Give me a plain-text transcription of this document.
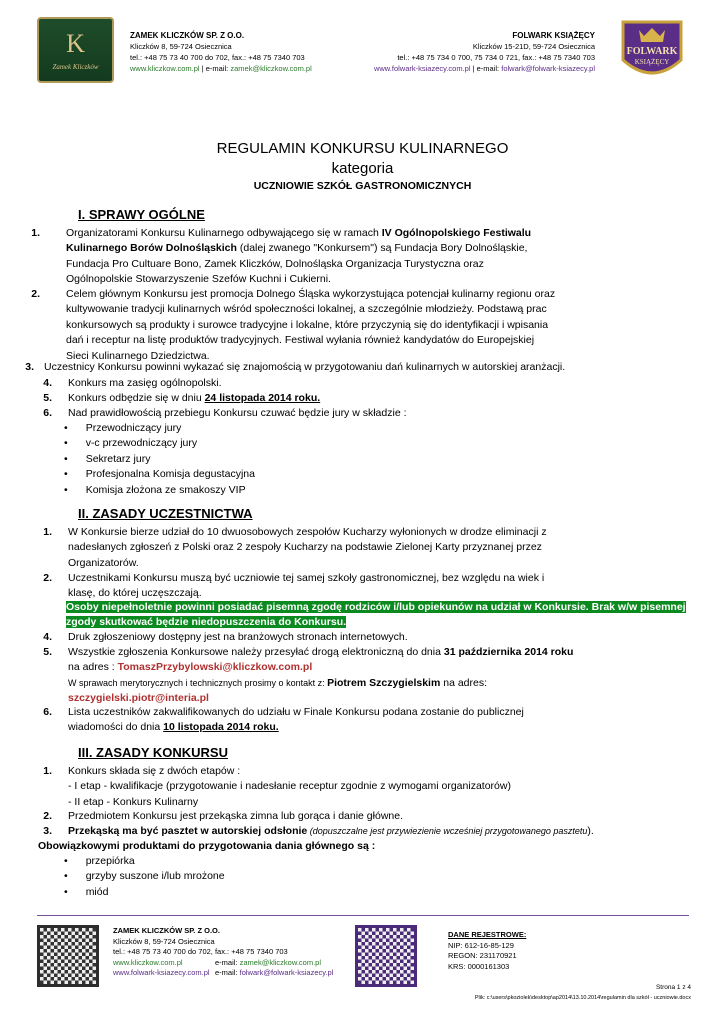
K
Zamek Kliczków
ZAMEK KLICZKÓW SP. Z O.O.
Kliczków 8, 59-724 Osiecznica
tel.: +48 75 73 40 700 do 702, fax.: +48 75 7340 703
www.kliczkow.com.pl | e-mail: zamek@kliczkow.com.pl
FOLWARK KSIĄŻĘCY
Kliczków 15-21D, 59-724 Osiecznica
tel.: +48 75 734 0 700, 75 734 0 721, fax.: +48 75 7340 703
www.folwark-ksiazecy.com.pl | e-mail: folwark@folwark-ksiazecy.pl
FOLWARK
KSIĄŻĘCY
REGULAMIN KONKURSU KULINARNEGO
kategoria
UCZNIOWIE SZKÓŁ GASTRONOMICZNYCH
I. SPRAWY OGÓLNE
1. Organizatorami Konkursu Kulinarnego odbywającego się w ramach IV Ogólnopolskiego Festiwalu
Kulinarnego Borów Dolnośląskich (dalej zwanego "Konkursem") są Fundacja Bory Dolnośląskie,
Fundacja Pro Cultuare Bono, Zamek Kliczków, Dolnośląska Organizacja Turystyczna oraz
Ogólnopolskie Stowarzyszenie Szefów Kuchni i Cukierni.
2. Celem głównym Konkursu jest promocja Dolnego Śląska wykorzystująca potencjał kulinarny regionu oraz
kultywowanie tradycji kulinarnych wśród społeczności lokalnej, a szczególnie młodzieży. Podstawą prac
konkursowych są produkty i surowce tradycyjne i lokalne, które przyczynią się do identyfikacji i wpisania
dań i receptur na listę produktów tradycyjnych. Festiwal wyłania również kandydatów do Europejskiej
Sieci Kulinarnego Dziedzictwa.
3. Uczestnicy Konkursu powinni wykazać się znajomością w przygotowaniu dań kulinarnych w autorskiej aranżacji.
4. Konkurs ma zasięg ogólnopolski.
5. Konkurs odbędzie się w dniu 24 listopada 2014 roku.
6. Nad prawidłowością przebiegu Konkursu czuwać będzie jury w składzie :
• Przewodniczący jury
• v-c przewodniczący jury
• Sekretarz jury
• Profesjonalna Komisja degustacyjna
• Komisja złożona ze smakoszy VIP
II. ZASADY UCZESTNICTWA
1. W Konkursie bierze udział do 10 dwuosobowych zespołów Kucharzy wyłonionych w drodze eliminacji z
nadesłanych zgłoszeń z Polski oraz 2 zespoły Kucharzy na podstawie Zielonej Karty przyznanej przez
Organizatorów.
2. Uczestnikami Konkursu muszą być uczniowie tej samej szkoły gastronomicznej, bez względu na wiek i
klasę, do której uczęszczają.
Osoby niepełnoletnie powinni posiadać pisemną zgodę rodziców i/lub opiekunów na udział w Konkursie. Brak w/w pisemnej
zgody skutkować będzie niedopuszczenia do Konkursu.
4. Druk zgłoszeniowy dostępny jest na branżowych stronach internetowych.
5. Wszystkie zgłoszenia Konkursowe należy przesyłać drogą elektroniczną do dnia 31 października 2014 roku
na adres : TomaszPrzybylowski@kliczkow.com.pl
W sprawach merytorycznych i technicznych prosimy o kontakt z: Piotrem Szczygielskim na adres:
szczygielski.piotr@interia.pl
6. Lista uczestników zakwalifikowanych do udziału w Finale Konkursu podana zostanie do publicznej
wiadomości do dnia 10 listopada 2014 roku.
III. ZASADY KONKURSU
1. Konkurs składa się z dwóch etapów :
- I etap - kwalifikacje (przygotowanie i nadesłanie receptur zgodnie z wymogami organizatorów)
- II etap - Konkurs Kulinarny
2. Przedmiotem Konkursu jest przekąska zimna lub gorąca i danie główne.
3. Przekąską ma być pasztet w autorskiej odsłonie (dopuszczalne jest przywiezienie wcześniej przygotowanego pasztetu).
Obowiązkowymi produktami do przygotowania dania głównego są :
• przepiórka
• grzyby suszone i/lub mrożone
• miód
ZAMEK KLICZKÓW SP. Z O.O.
Kliczków 8, 59-724 Osiecznica
tel.: +48 75 73 40 700 do 702, fax.: +48 75 7340 703
www.kliczkow.com.pl	e-mail: zamek@kliczkow.com.pl
www.folwark-ksiazecy.com.pl e-mail: folwark@folwark-ksiazecy.pl
DANE REJESTROWE:
NIP: 612-16-85-129
REGON: 231170921
KRS: 0000161303
Strona 1 z 4
Plik: c:\users\pkoziolek\desktop\ap2014\13.10.2014\regulamin dla szkół - uczniowie.docx
